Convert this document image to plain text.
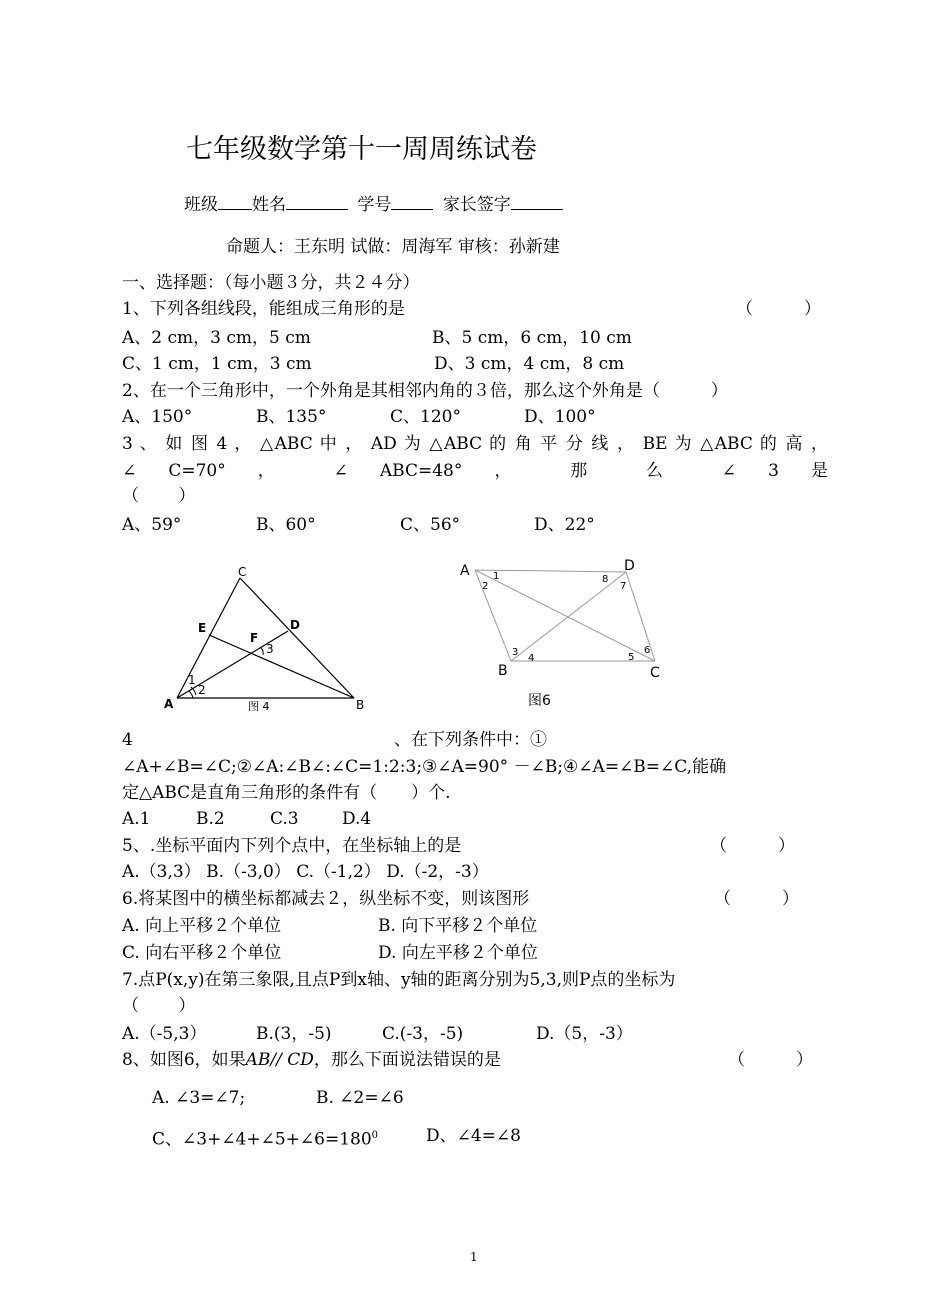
七年级数学第十一周周练试卷
班级 姓名	学号	家长签字
命题人：王东明 试做：周海军 审核：孙新建
一、选择题：（每小题３分，共２４分）
1、下列各组线段，能组成三角形的是	（　　　）
A、2 cm，3 cm，5 cm	B、5 cm，6 cm，10 cm
C、1 cm，1 cm，3 cm	D、3 cm，4 cm，8 cm
2、在一个三角形中，一个外角是其相邻内角的３倍，那么这个外角是（　　　）
A、150°	B、135°	C、120°	D、100°
3 、 如 图 4 ， △ABC 中 ， AD 为 △ABC 的 角 平 分 线 ， BE 为 △ABC 的 高 ，
∠ C=70° ， ∠ ABC=48° ， 那 么 ∠ 3 是
（　　 ）
A、59°	B、60°	C、56°	D、22°
C
E	D
F
3
1
2
A	B
图 4
A 1
2
D
8
7
3
4	5
6
B	C
图6
4	、在下列条件中：①
∠A+∠B=∠C;②∠A:∠B∠:∠C=1:2:3;③∠A=90° －∠B;④∠A=∠B=∠C,能确
定△ABC是直角三角形的条件有（　　）个.
A.1	B.2	C.3	D.4
5、.坐标平面内下列个点中，在坐标轴上的是	（　　　）
A.（3,3） B.（-3,0） C.（-1,2） D.（-2，-3）
6.将某图中的横坐标都减去２，纵坐标不变，则该图形	（　　　）
A. 向上平移２个单位	B. 向下平移２个单位
C. 向右平移２个单位	D. 向左平移２个单位
7.点P(x,y)在第三象限,且点P到x轴、y轴的距离分别为5,3,则P点的坐标为
（　　 ）
A.（-5,3）	B.(3，-5)	C.(-3，-5)	D.（5，-3）
8、如图6，如果AB// CD，那么下面说法错误的是	（　　　）
A. ∠3=∠7;	B. ∠2=∠6
C、$\angle 3+\angle 4+\angle 5+\angle 6=180^0$	D、∠4=∠8
1
